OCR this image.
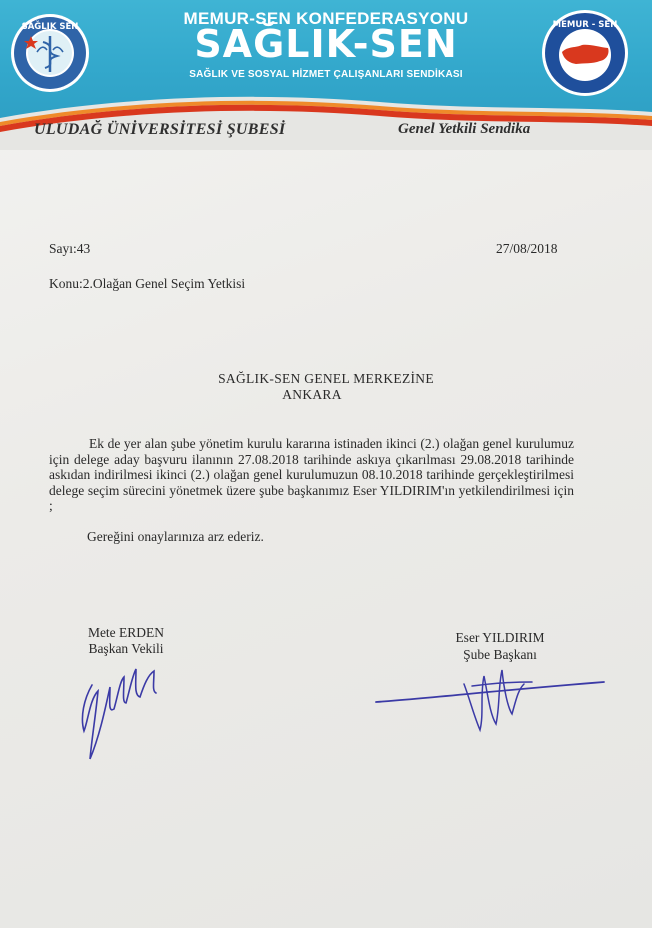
MEMUR-SEN KONFEDERASYONU
SAĞLIK-SEN
SAĞLIK VE SOSYAL HİZMET ÇALIŞANLARI SENDİKASI
SAĞLIK SEN	MEMUR - SEN
ULUDAĞ ÜNİVERSİTESİ ŞUBESİ	Genel Yetkili Sendika
Sayı:43	27/08/2018
Konu:2.Olağan Genel Seçim Yetkisi
SAĞLIK-SEN GENEL MERKEZİNE
ANKARA
Ek de yer alan şube yönetim kurulu kararına istinaden ikinci (2.) olağan genel kurulumuz için delege aday başvuru ilanının 27.08.2018 tarihinde askıya çıkarılması 29.08.2018 tarihinde askıdan indirilmesi ikinci (2.) olağan genel kurulumuzun 08.10.2018 tarihinde gerçekleştirilmesi delege seçim sürecini yönetmek üzere şube başkanımız Eser YILDIRIM'ın yetkilendirilmesi için ;
Gereğini onaylarınıza arz ederiz.
Mete ERDEN
Başkan Vekili
Eser YILDIRIM
Şube Başkanı
